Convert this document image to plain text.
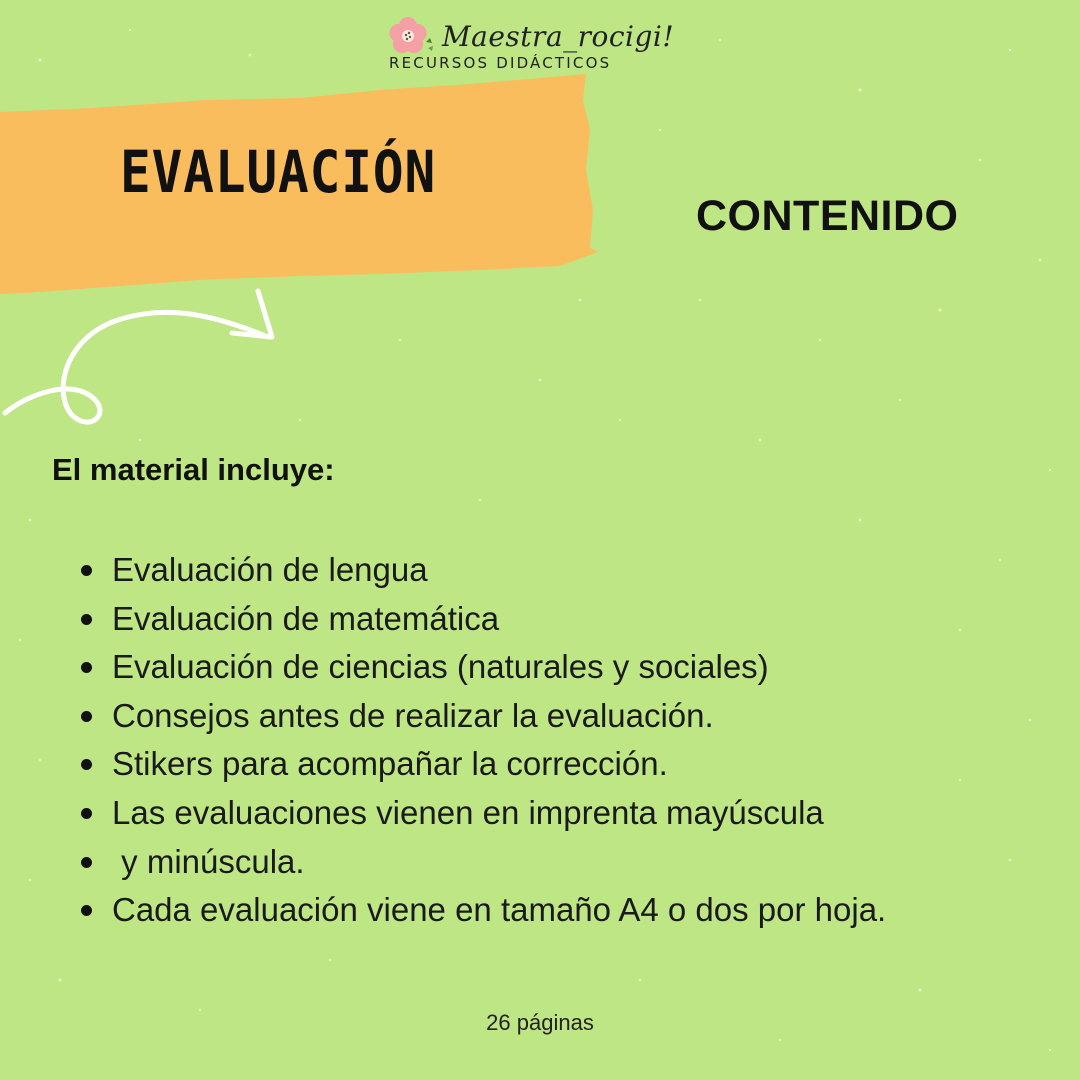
Maestra_rocigi!
RECURSOS DIDÁCTICOS
EVALUACIÓN
CONTENIDO
El material incluye:
Evaluación de lengua
Evaluación de matemática
Evaluación de ciencias (naturales y sociales)
Consejos antes de realizar la evaluación.
Stikers para acompañar la corrección.
Las evaluaciones vienen en imprenta mayúscula
y minúscula.
Cada evaluación viene en tamaño A4 o dos por hoja.
26 páginas
